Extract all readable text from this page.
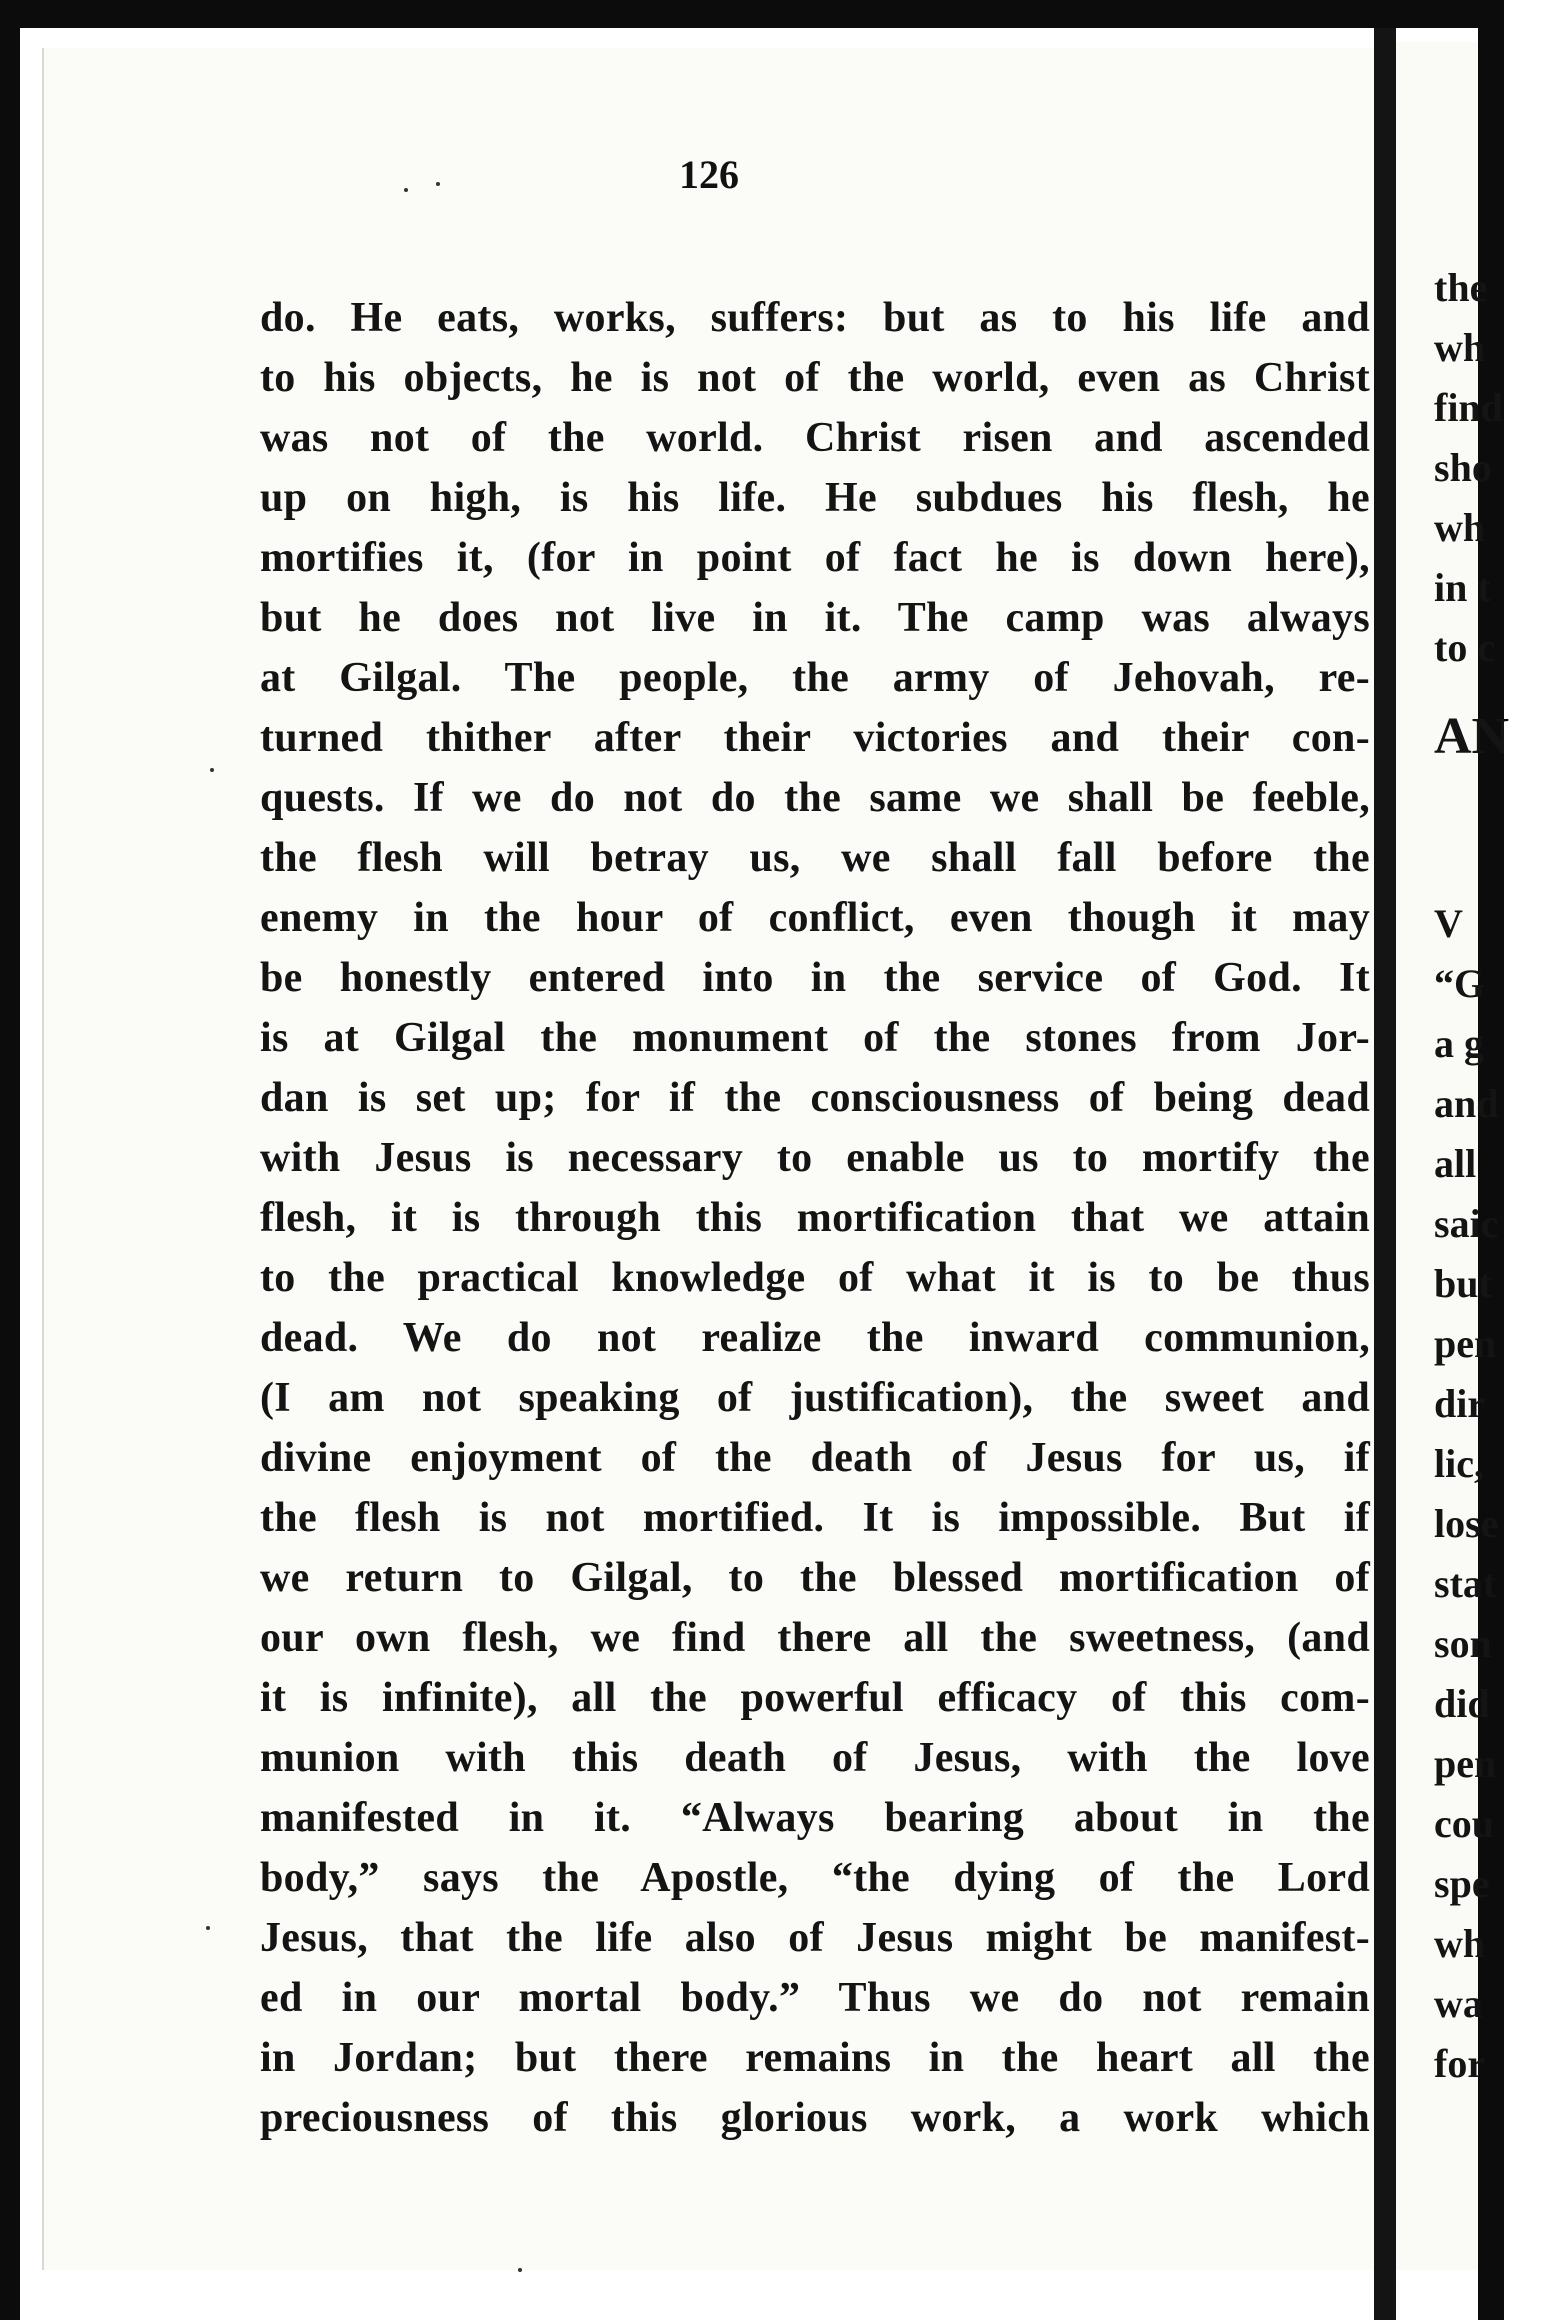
126
do. He eats, works, suffers: but as to his life and
to his objects, he is not of the world, even as Christ
was not of the world. Christ risen and ascended
up on high, is his life. He subdues his flesh, he
mortifies it, (for in point of fact he is down here),
but he does not live in it. The camp was always
at Gilgal. The people, the army of Jehovah, re-
turned thither after their victories and their con-
quests. If we do not do the same we shall be feeble,
the flesh will betray us, we shall fall before the
enemy in the hour of conflict, even though it may
be honestly entered into in the service of God. It
is at Gilgal the monument of the stones from Jor-
dan is set up; for if the consciousness of being dead
with Jesus is necessary to enable us to mortify the
flesh, it is through this mortification that we attain
to the practical knowledge of what it is to be thus
dead. We do not realize the inward communion,
(I am not speaking of justification), the sweet and
divine enjoyment of the death of Jesus for us, if
the flesh is not mortified. It is impossible. But if
we return to Gilgal, to the blessed mortification of
our own flesh, we find there all the sweetness, (and
it is infinite), all the powerful efficacy of this com-
munion with this death of Jesus, with the love
manifested in it. “Always bearing about in the
body,” says the Apostle, “the dying of the Lord
Jesus, that the life also of Jesus might be manifest-
ed in our mortal body.” Thus we do not remain
in Jordan; but there remains in the heart all the
preciousness of this glorious work, a work which
the
wh
find
sho
wh
in t
to c
AN
V
“G
a g
and
all
saic
but
pen
dir
lic,
lose
stat
son
did
pen
cou
spe
wh
wa
for
